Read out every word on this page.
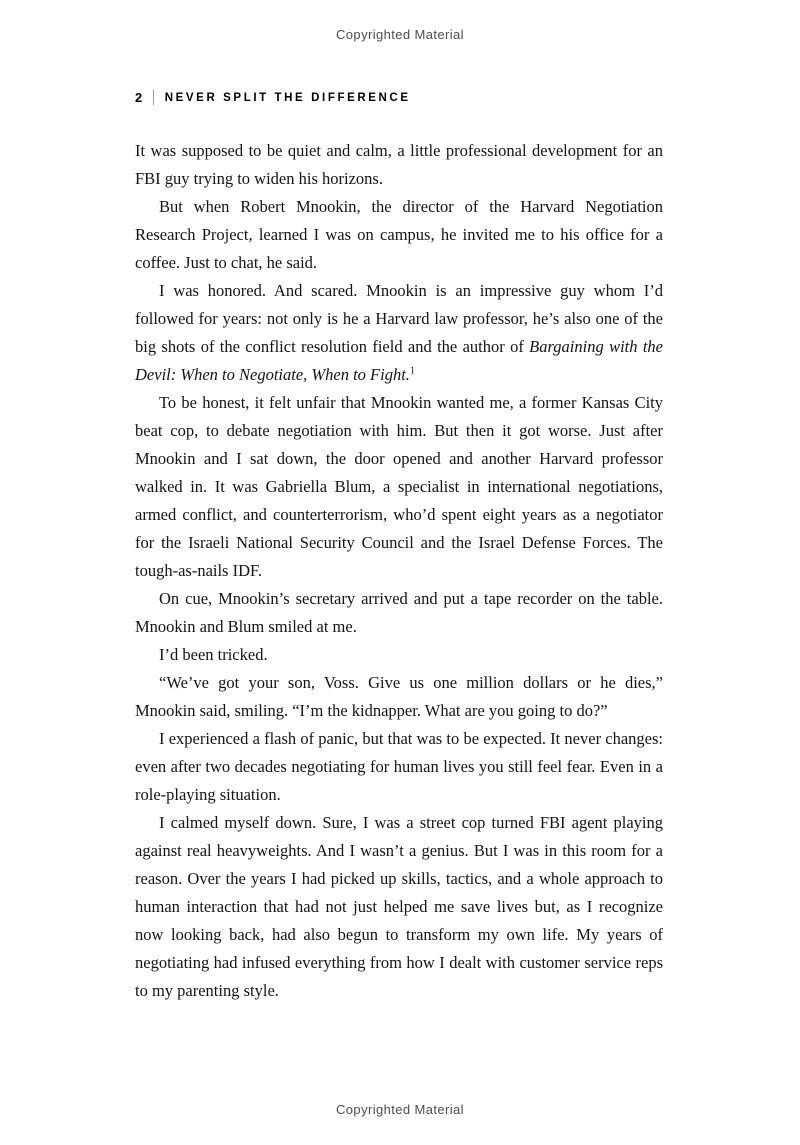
Copyrighted Material
2 NEVER SPLIT THE DIFFERENCE

It was supposed to be quiet and calm, a little professional development for an FBI guy trying to widen his horizons.

But when Robert Mnookin, the director of the Harvard Negotiation Research Project, learned I was on campus, he invited me to his office for a coffee. Just to chat, he said.

I was honored. And scared. Mnookin is an impressive guy whom I’d followed for years: not only is he a Harvard law professor, he’s also one of the big shots of the conflict resolution field and the author of Bargaining with the Devil: When to Negotiate, When to Fight.$^1$

To be honest, it felt unfair that Mnookin wanted me, a former Kansas City beat cop, to debate negotiation with him. But then it got worse. Just after Mnookin and I sat down, the door opened and another Harvard professor walked in. It was Gabriella Blum, a specialist in international negotiations, armed conflict, and counterterrorism, who’d spent eight years as a negotiator for the Israeli National Security Council and the Israel Defense Forces. The tough-as-nails IDF.

On cue, Mnookin’s secretary arrived and put a tape recorder on the table. Mnookin and Blum smiled at me.

I’d been tricked.

“We’ve got your son, Voss. Give us one million dollars or he dies,” Mnookin said, smiling. “I’m the kidnapper. What are you going to do?”

I experienced a flash of panic, but that was to be expected. It never changes: even after two decades negotiating for human lives you still feel fear. Even in a role-playing situation.

I calmed myself down. Sure, I was a street cop turned FBI agent playing against real heavyweights. And I wasn’t a genius. But I was in this room for a reason. Over the years I had picked up skills, tactics, and a whole approach to human interaction that had not just helped me save lives but, as I recognize now looking back, had also begun to transform my own life. My years of negotiating had infused everything from how I dealt with customer service reps to my parenting style.

Copyrighted Material
